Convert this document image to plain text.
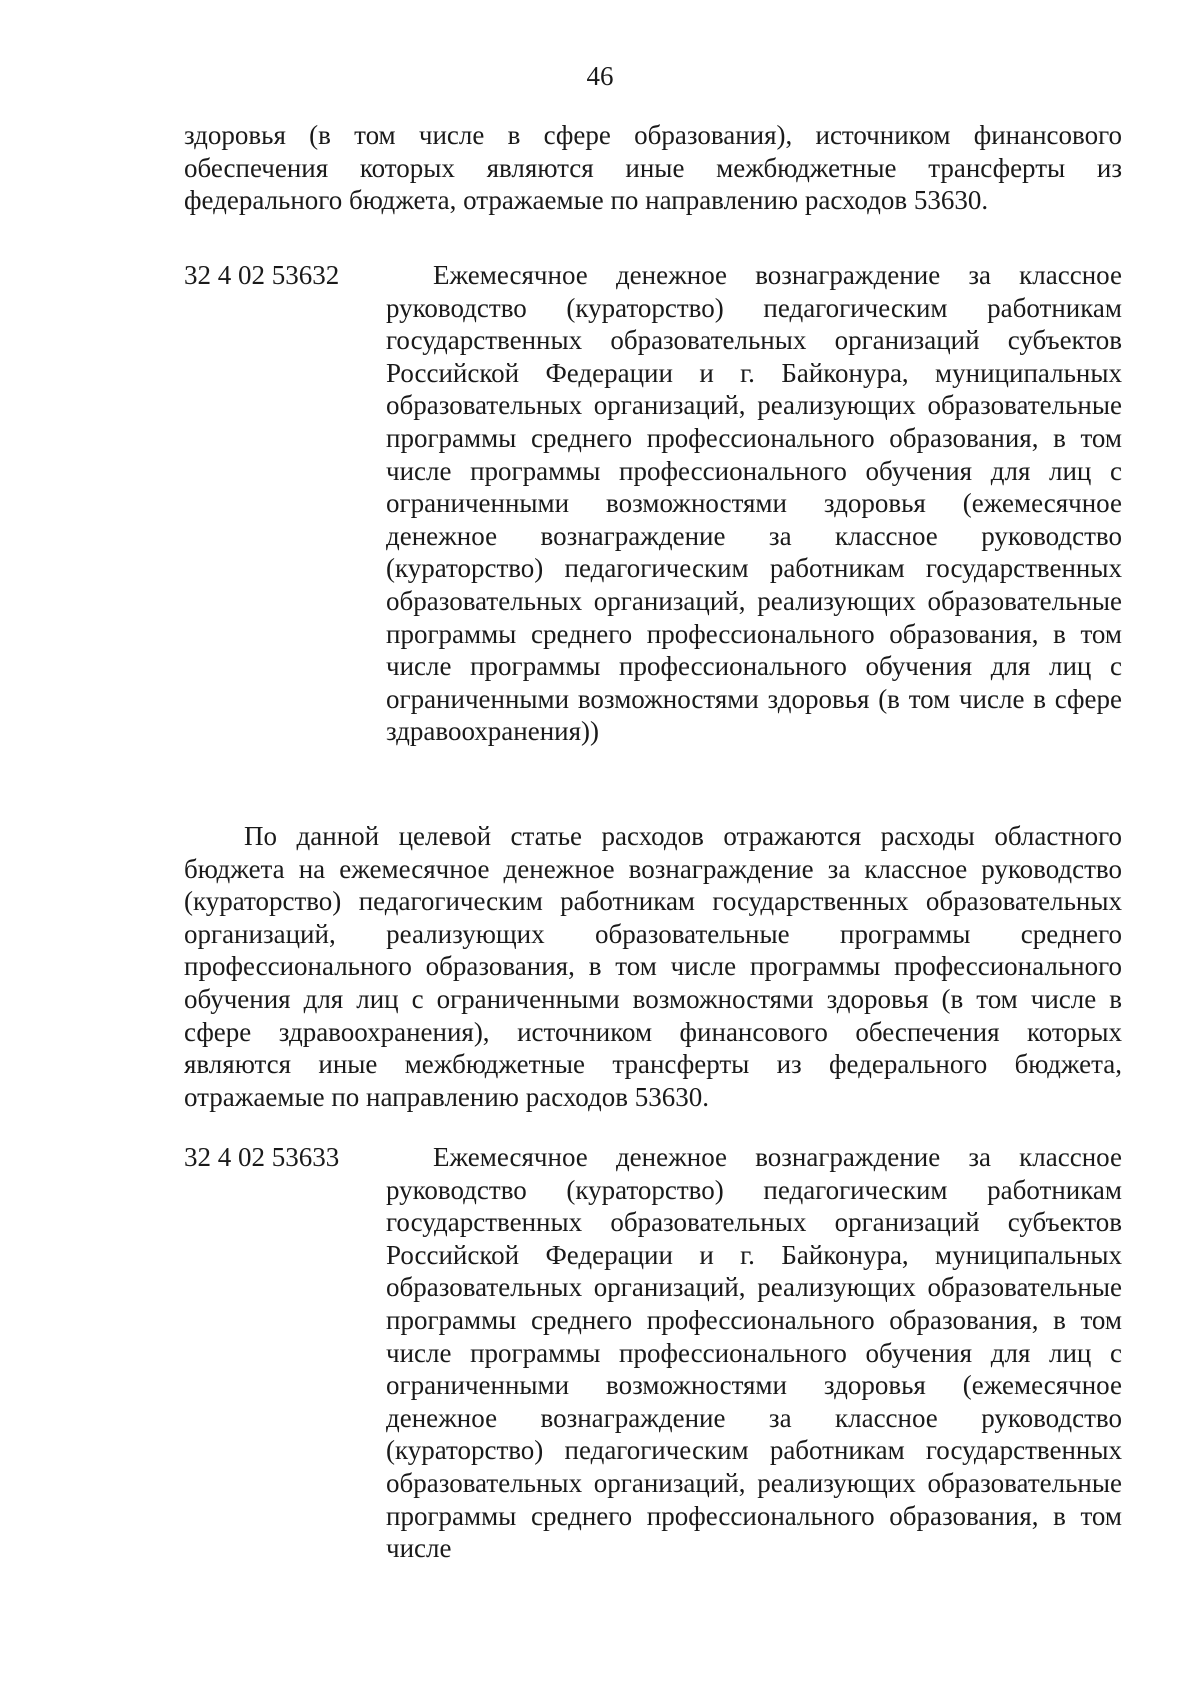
46
здоровья (в том числе в сфере образования), источником финансового обеспечения которых являются иные межбюджетные трансферты из федерального бюджета, отражаемые по направлению расходов 53630.
32 4 02 53632	Ежемесячное денежное вознаграждение за классное руководство (кураторство) педагогическим работникам государственных образовательных организаций субъектов Российской Федерации и г. Байконура, муниципальных образовательных организаций, реализующих образовательные программы среднего профессионального образования, в том числе программы профессионального обучения для лиц с ограниченными возможностями здоровья (ежемесячное денежное вознаграждение за классное руководство (кураторство) педагогическим работникам государственных образовательных организаций, реализующих образовательные программы среднего профессионального образования, в том числе программы профессионального обучения для лиц с ограниченными возможностями здоровья (в том числе в сфере здравоохранения))
По данной целевой статье расходов отражаются расходы областного бюджета на ежемесячное денежное вознаграждение за классное руководство (кураторство) педагогическим работникам государственных образовательных организаций, реализующих образовательные программы среднего профессионального образования, в том числе программы профессионального обучения для лиц с ограниченными возможностями здоровья (в том числе в сфере здравоохранения), источником финансового обеспечения которых являются иные межбюджетные трансферты из федерального бюджета, отражаемые по направлению расходов 53630.
32 4 02 53633	Ежемесячное денежное вознаграждение за классное руководство (кураторство) педагогическим работникам государственных образовательных организаций субъектов Российской Федерации и г. Байконура, муниципальных образовательных организаций, реализующих образовательные программы среднего профессионального образования, в том числе программы профессионального обучения для лиц с ограниченными возможностями здоровья (ежемесячное денежное вознаграждение за классное руководство (кураторство) педагогическим работникам государственных образовательных организаций, реализующих образовательные программы среднего профессионального образования, в том числе
